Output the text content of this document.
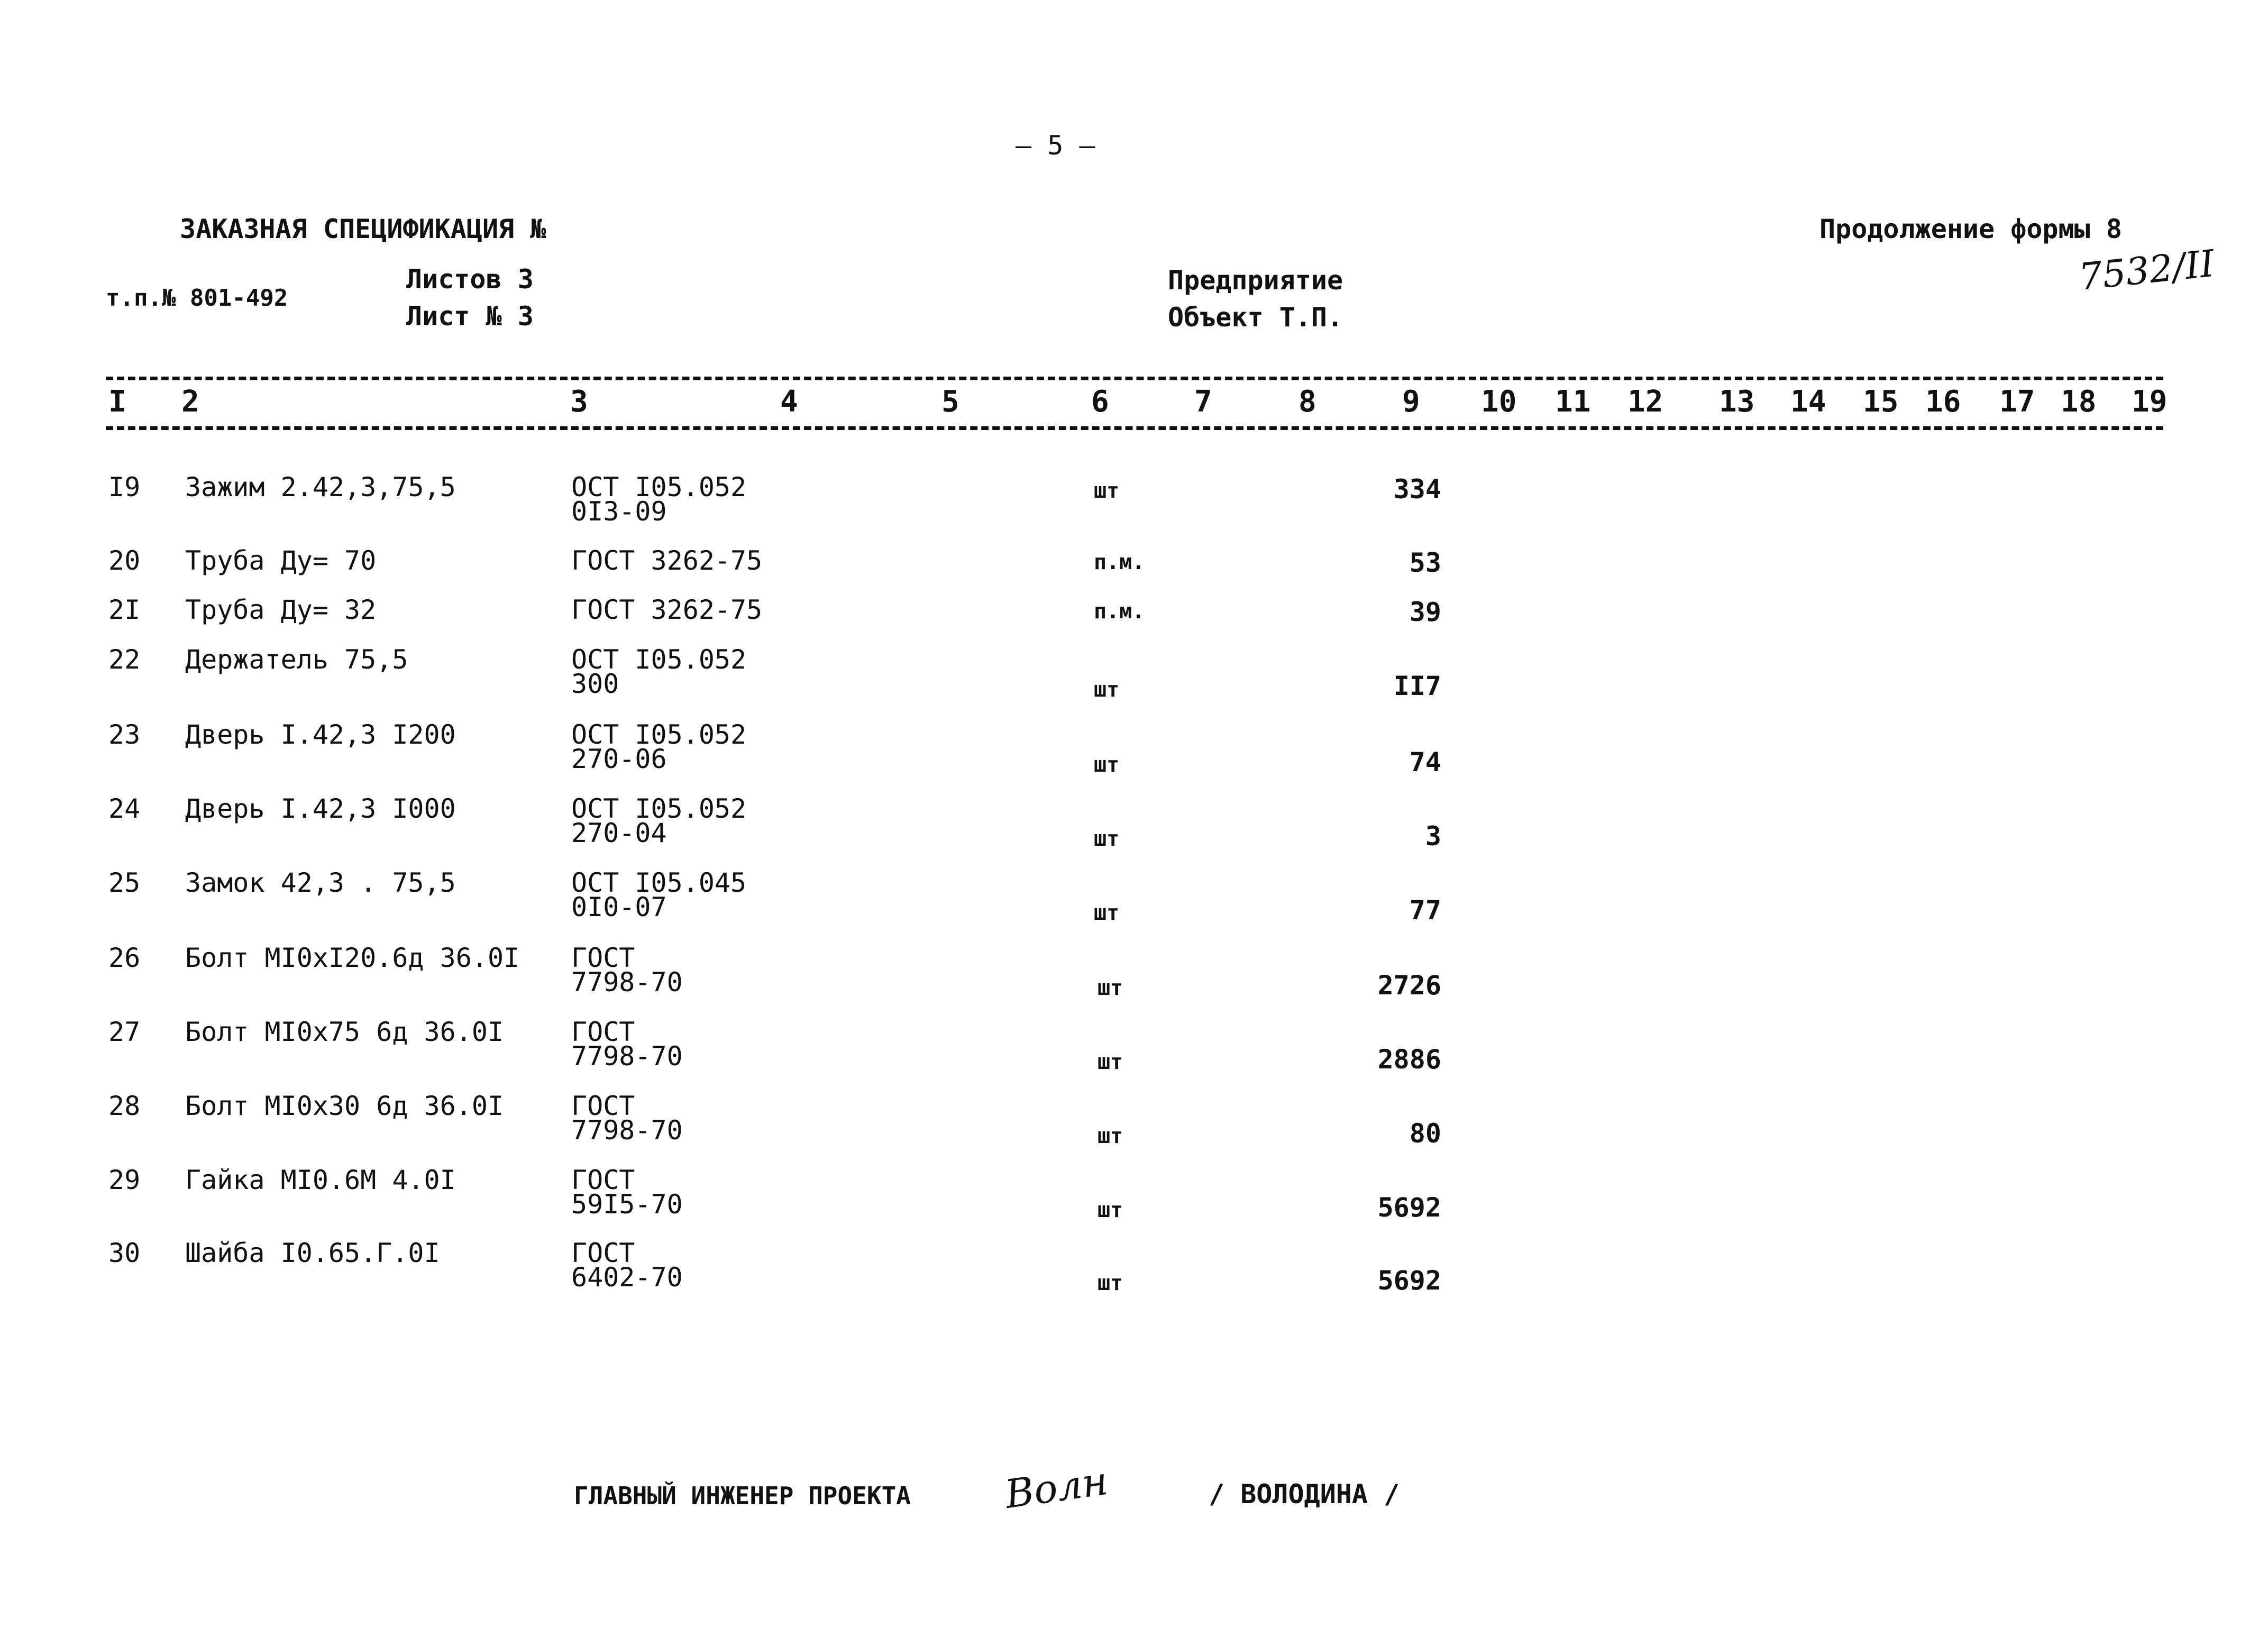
– 5 –
ЗАКАЗНАЯ СПЕЦИФИКАЦИЯ №
т.п.№ 801-492
Листов 3
Лист № 3
Предприятие
Объект Т.П.
Продолжение формы 8
7532/II
I 2	3	4	5	6	7	8	9 10 11 12 13 14 15 16 17 18 19
I9 Зажим 2.42,3,75,5	ОСТ I05.052
0I3-09
шт	334
20 Труба Ду= 70	ГОСТ 3262-75	п.м.	53
2I Труба Ду= 32	ГОСТ 3262-75	п.м.	39
22 Держатель 75,5	ОСТ I05.052
300	шт	II7
23 Дверь I.42,3 I200	ОСТ I05.052
270-06	шт	74
24 Дверь I.42,3 I000	ОСТ I05.052
270-04	шт	3
25 Замок 42,3 . 75,5	ОСТ I05.045
0I0-07	шт	77
26 Болт МI0хI20.6д 36.0I ГОСТ
7798-70	шт	2726
27 Болт МI0х75 6д 36.0I	ГОСТ
7798-70	шт	2886
28 Болт МI0х30 6д 36.0I	ГОСТ
7798-70	шт	80
29 Гайка МI0.6М 4.0I	ГОСТ
59I5-70	шт	5692
30 Шайба I0.65.Г.0I	ГОСТ
6402-70	шт	5692
ГЛАВНЫЙ ИНЖЕНЕР ПРОЕКТА Волн	/ ВОЛОДИНА /
